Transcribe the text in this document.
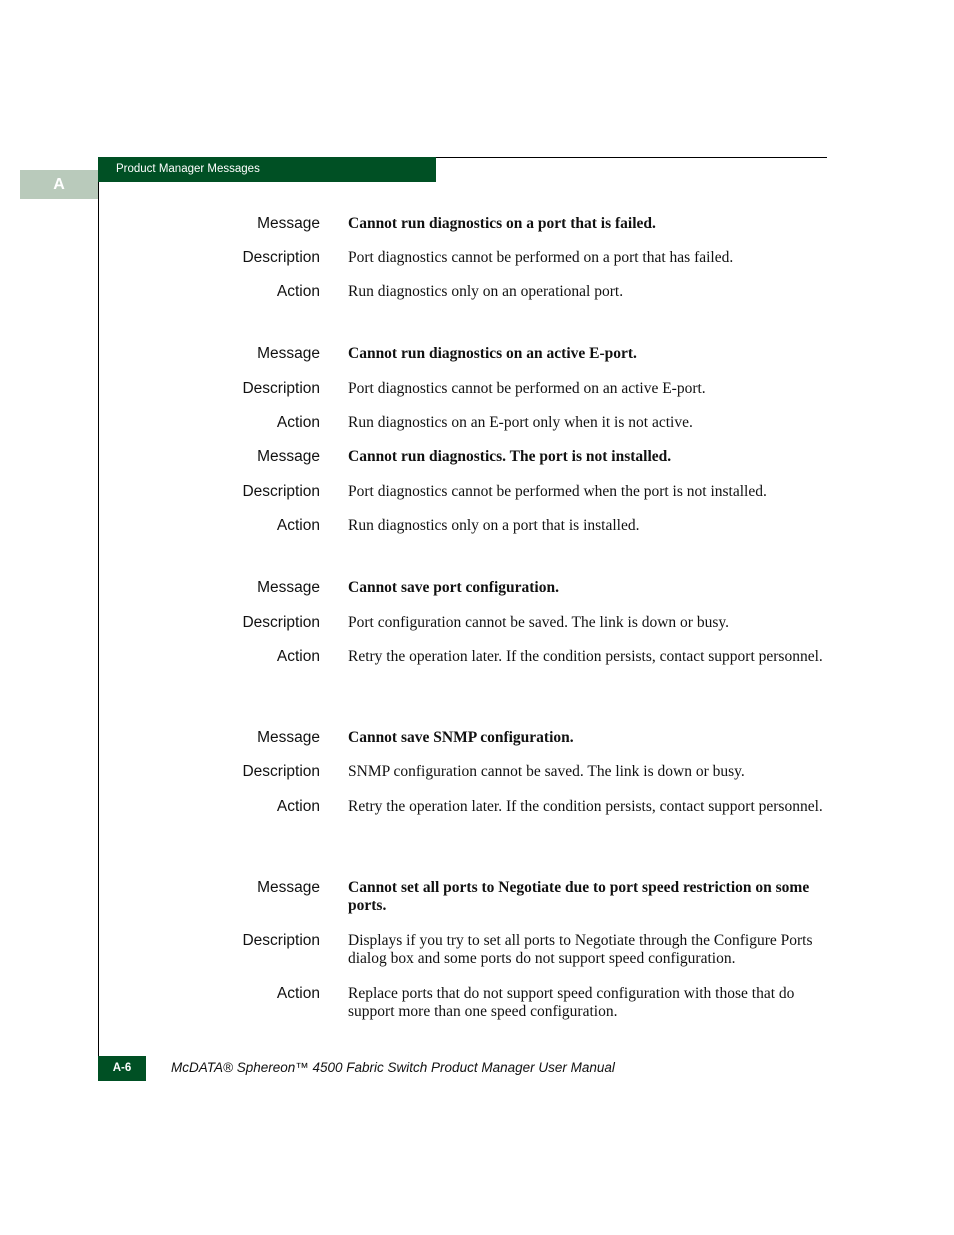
Product Manager Messages
A
Message Cannot run diagnostics on a port that is failed.
Description Port diagnostics cannot be performed on a port that has failed.
Action Run diagnostics only on an operational port.
Message Cannot run diagnostics on an active E-port.
Description Port diagnostics cannot be performed on an active E-port.
Action Run diagnostics on an E-port only when it is not active.
Message Cannot run diagnostics. The port is not installed.
Description Port diagnostics cannot be performed when the port is not installed.
Action Run diagnostics only on a port that is installed.
Message Cannot save port configuration.
Description Port configuration cannot be saved. The link is down or busy.
Action Retry the operation later. If the condition persists, contact support personnel.
Message Cannot save SNMP configuration.
Description SNMP configuration cannot be saved. The link is down or busy.
Action Retry the operation later. If the condition persists, contact support personnel.
Message Cannot set all ports to Negotiate due to port speed restriction on some ports.
Description Displays if you try to set all ports to Negotiate through the Configure Ports dialog box and some ports do not support speed configuration.
Action Replace ports that do not support speed configuration with those that do support more than one speed configuration.
A-6	McDATA® Sphereon™ 4500 Fabric Switch Product Manager User Manual
